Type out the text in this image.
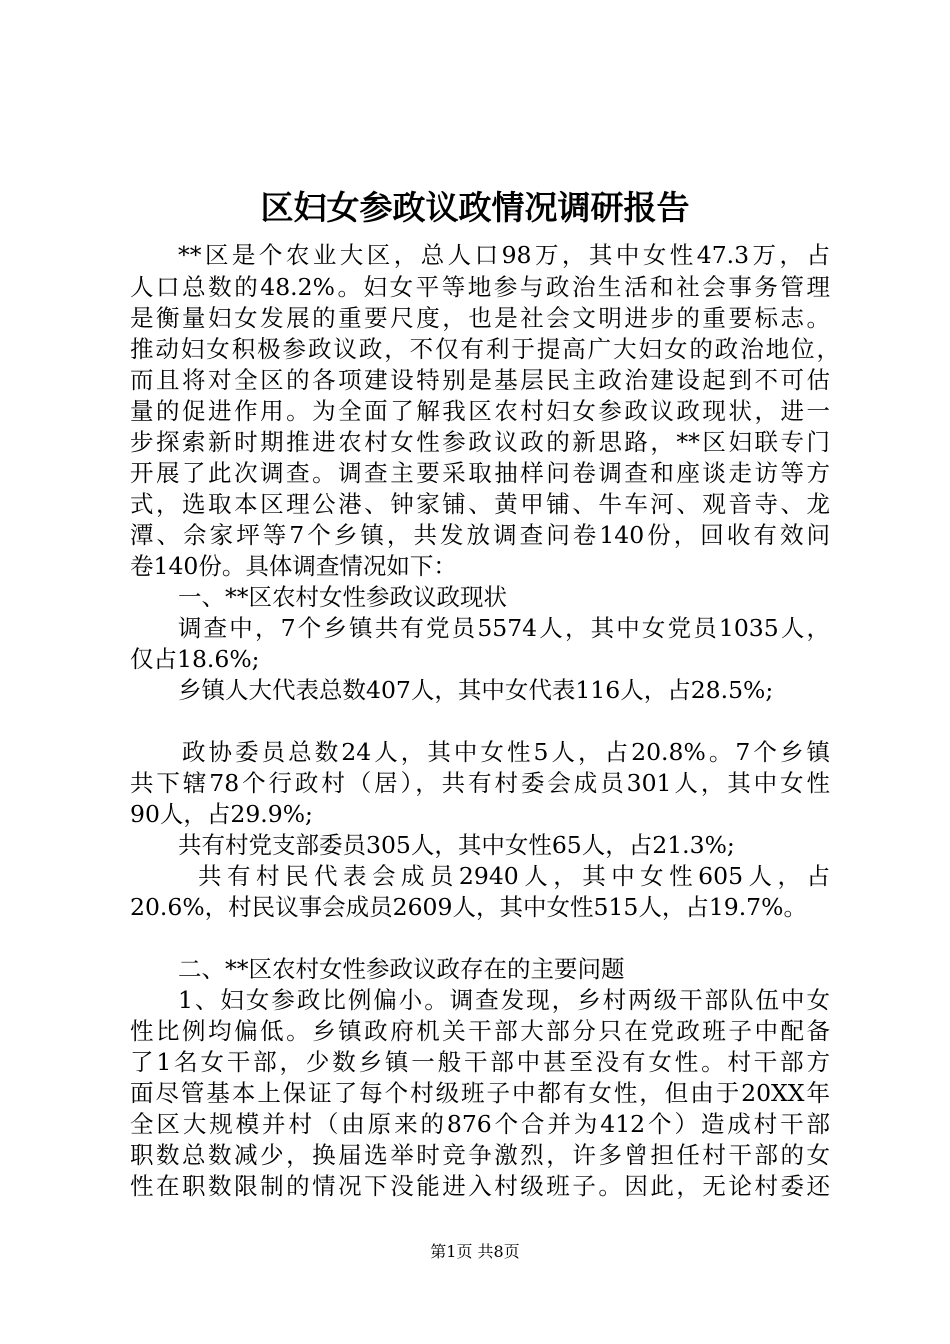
区妇女参政议政情况调研报告
**区是个农业大区，总人口98万，其中女性47.3万，占
人口总数的48.2%。妇女平等地参与政治生活和社会事务管理
是衡量妇女发展的重要尺度，也是社会文明进步的重要标志。
推动妇女积极参政议政，不仅有利于提高广大妇女的政治地位，
而且将对全区的各项建设特别是基层民主政治建设起到不可估
量的促进作用。为全面了解我区农村妇女参政议政现状，进一
步探索新时期推进农村女性参政议政的新思路，**区妇联专门
开展了此次调查。调查主要采取抽样问卷调查和座谈走访等方
式，选取本区理公港、钟家铺、黄甲铺、牛车河、观音寺、龙
潭、佘家坪等7个乡镇，共发放调查问卷140份，回收有效问
卷140份。具体调查情况如下：
一、**区农村女性参政议政现状
调查中，7个乡镇共有党员5574人，其中女党员1035人，
仅占18.6%;
乡镇人大代表总数407人，其中女代表116人，占28.5%;
政协委员总数24人，其中女性5人，占20.8%。7个乡镇
共下辖78个行政村（居），共有村委会成员301人，其中女性
90人，占29.9%;
共有村党支部委员305人，其中女性65人，占21.3%;
共有村民代表会成员2940人，其中女性605人，占
20.6%，村民议事会成员2609人，其中女性515人，占19.7%。
二、**区农村女性参政议政存在的主要问题
1、妇女参政比例偏小。调查发现，乡村两级干部队伍中女
性比例均偏低。乡镇政府机关干部大部分只在党政班子中配备
了1名女干部，少数乡镇一般干部中甚至没有女性。村干部方
面尽管基本上保证了每个村级班子中都有女性，但由于20XX年
全区大规模并村（由原来的876个合并为412个）造成村干部
职数总数减少，换届选举时竞争激烈，许多曾担任村干部的女
性在职数限制的情况下没能进入村级班子。因此，无论村委还
第1页 共8页
